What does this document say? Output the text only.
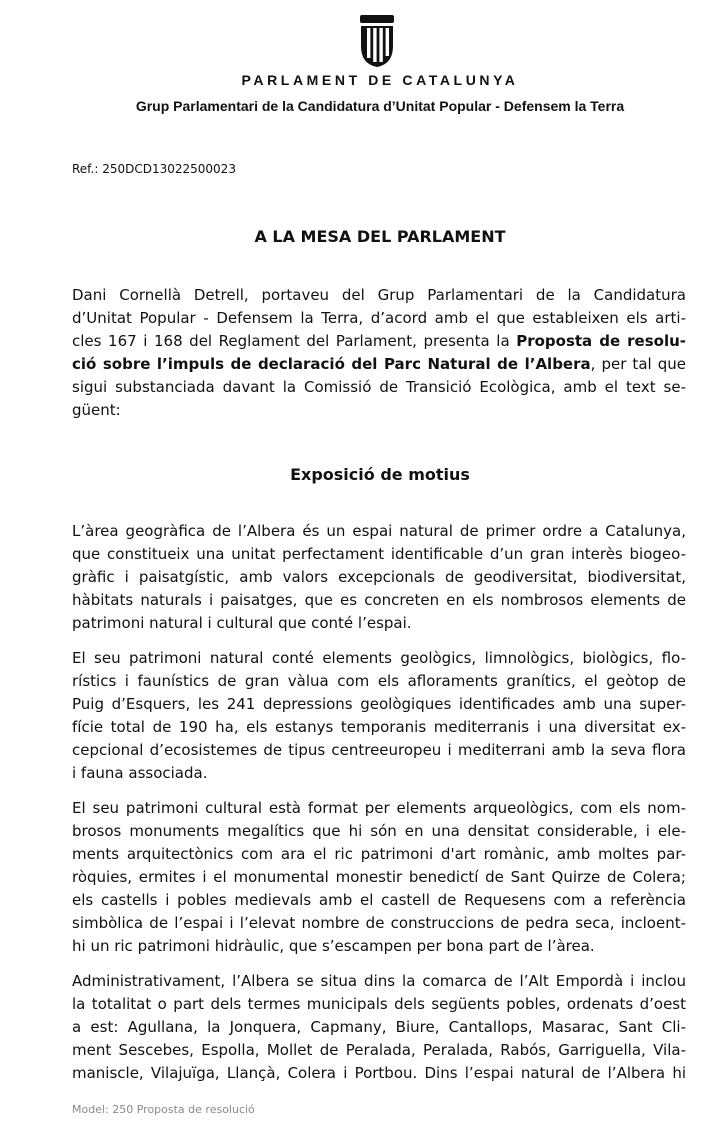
PARLAMENT DE CATALUNYA
Grup Parlamentari de la Candidatura d’Unitat Popular - Defensem la Terra
Ref.: 250DCD13022500023
A LA MESA DEL PARLAMENT
Dani Cornellà Detrell, portaveu del Grup Parlamentari de la Candidatura
d’Unitat Popular - Defensem la Terra, d’acord amb el que estableixen els arti-
cles 167 i 168 del Reglament del Parlament, presenta la Proposta de resolu-
ció sobre l’impuls de declaració del Parc Natural de l’Albera, per tal que
sigui substanciada davant la Comissió de Transició Ecològica, amb el text se-
güent:
Exposició de motius
L’àrea geogràfica de l’Albera és un espai natural de primer ordre a Catalunya,
que constitueix una unitat perfectament identificable d’un gran interès biogeo-
gràfic i paisatgístic, amb valors excepcionals de geodiversitat, biodiversitat,
hàbitats naturals i paisatges, que es concreten en els nombrosos elements de
patrimoni natural i cultural que conté l’espai.
El seu patrimoni natural conté elements geològics, limnològics, biològics, flo-
rístics i faunístics de gran vàlua com els afloraments granítics, el geòtop de
Puig d’Esquers, les 241 depressions geològiques identificades amb una super-
fície total de 190 ha, els estanys temporanis mediterranis i una diversitat ex-
cepcional d’ecosistemes de tipus centreeuropeu i mediterrani amb la seva flora
i fauna associada.
El seu patrimoni cultural està format per elements arqueològics, com els nom-
brosos monuments megalítics que hi són en una densitat considerable, i ele-
ments arquitectònics com ara el ric patrimoni d'art romànic, amb moltes par-
ròquies, ermites i el monumental monestir benedictí de Sant Quirze de Colera;
els castells i pobles medievals amb el castell de Requesens com a referència
simbòlica de l’espai i l’elevat nombre de construccions de pedra seca, incloent-
hi un ric patrimoni hidràulic, que s’escampen per bona part de l’àrea.
Administrativament, l’Albera se situa dins la comarca de l’Alt Empordà i inclou
la totalitat o part dels termes municipals dels següents pobles, ordenats d’oest
a est: Agullana, la Jonquera, Capmany, Biure, Cantallops, Masarac, Sant Cli-
ment Sescebes, Espolla, Mollet de Peralada, Peralada, Rabós, Garriguella, Vila-
maniscle, Vilajuïga, Llançà, Colera i Portbou. Dins l’espai natural de l’Albera hi
Model: 250 Proposta de resolució
